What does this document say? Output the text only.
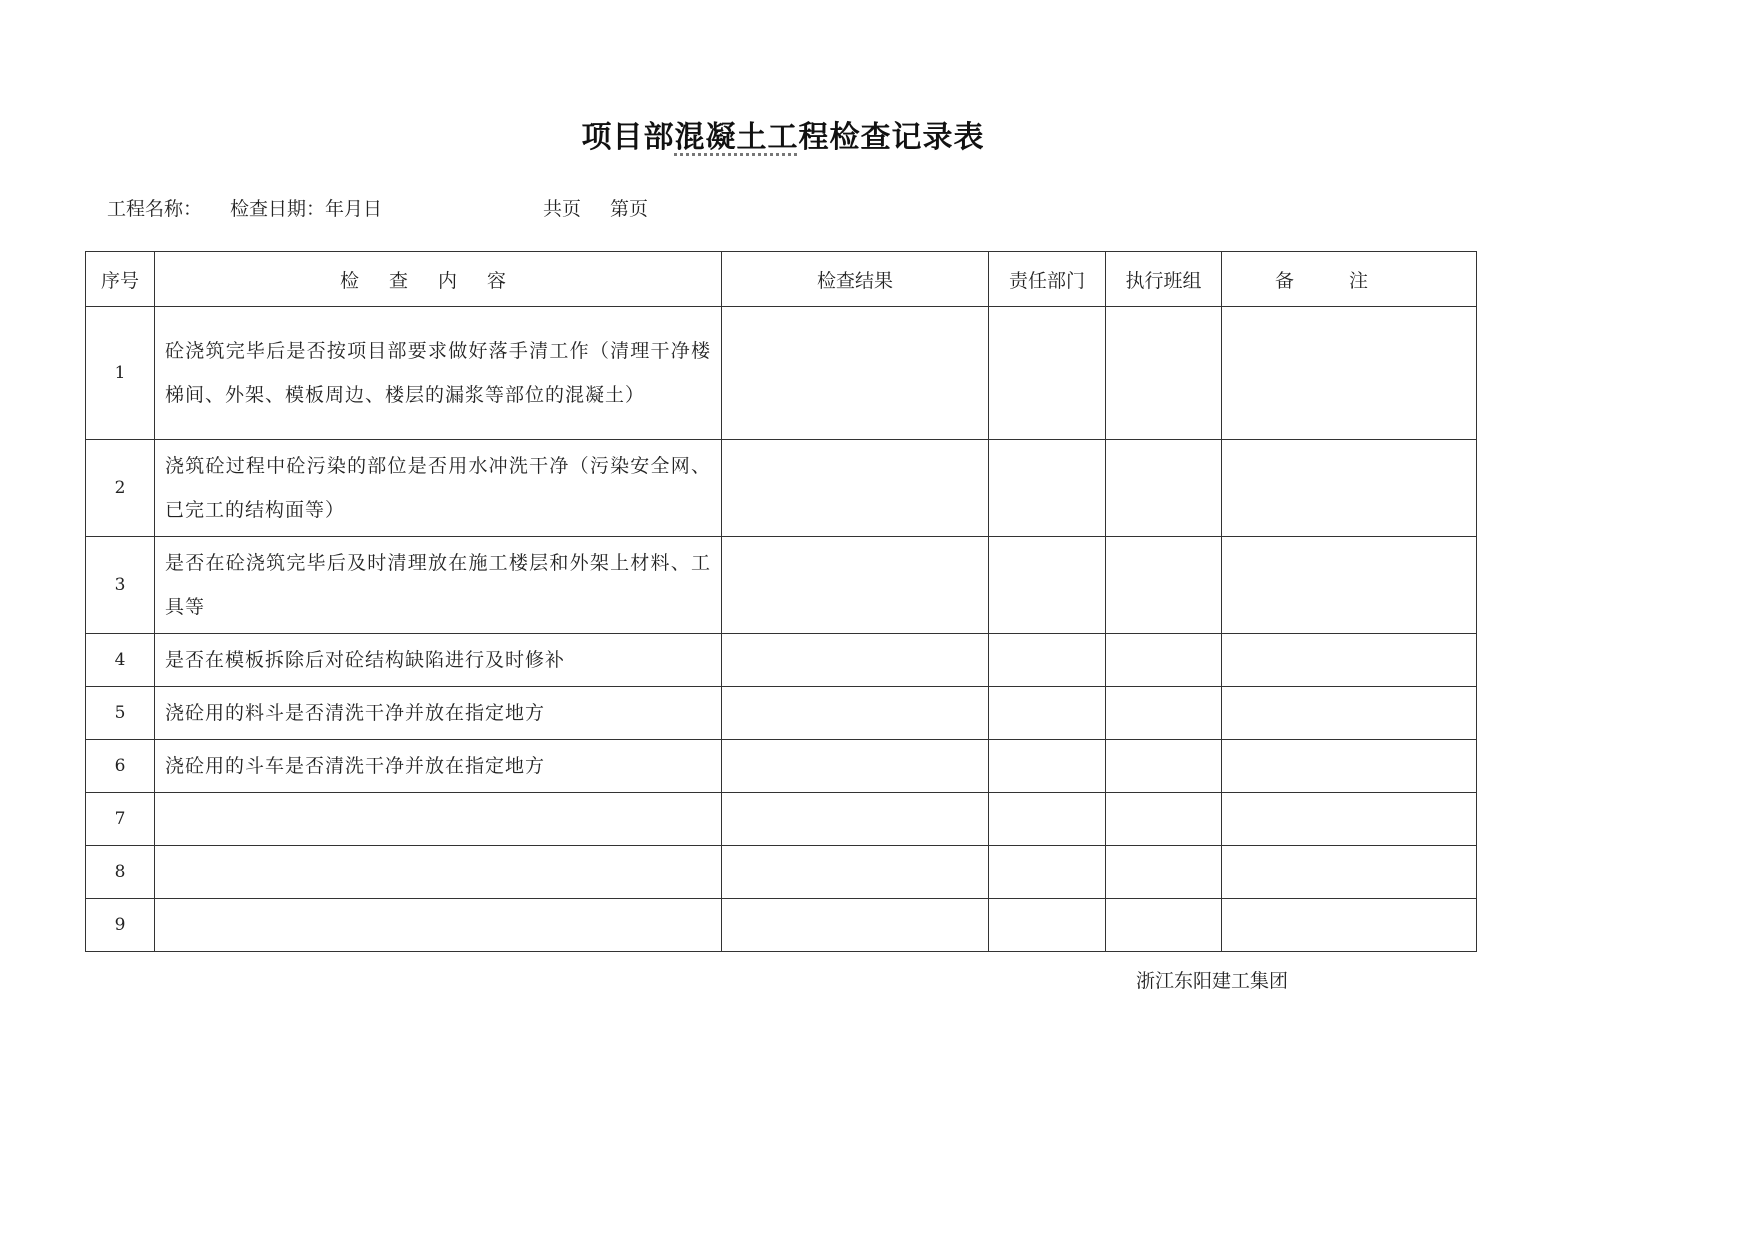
项目部混凝土工程检查记录表
工程名称： 检查日期：年月日	共页 第页
序号	检查内容	检查结果	责任部门	执行班组	备注
1	砼浇筑完毕后是否按项目部要求做好落手清工作（清理干净楼梯间、外架、模板周边、楼层的漏浆等部位的混凝土）				
2	浇筑砼过程中砼污染的部位是否用水冲洗干净（污染安全网、已完工的结构面等）				
3	是否在砼浇筑完毕后及时清理放在施工楼层和外架上材料、工具等				
4	是否在模板拆除后对砼结构缺陷进行及时修补				
5	浇砼用的料斗是否清洗干净并放在指定地方				
6	浇砼用的斗车是否清洗干净并放在指定地方				
7					
8					
9					
浙江东阳建工集团
